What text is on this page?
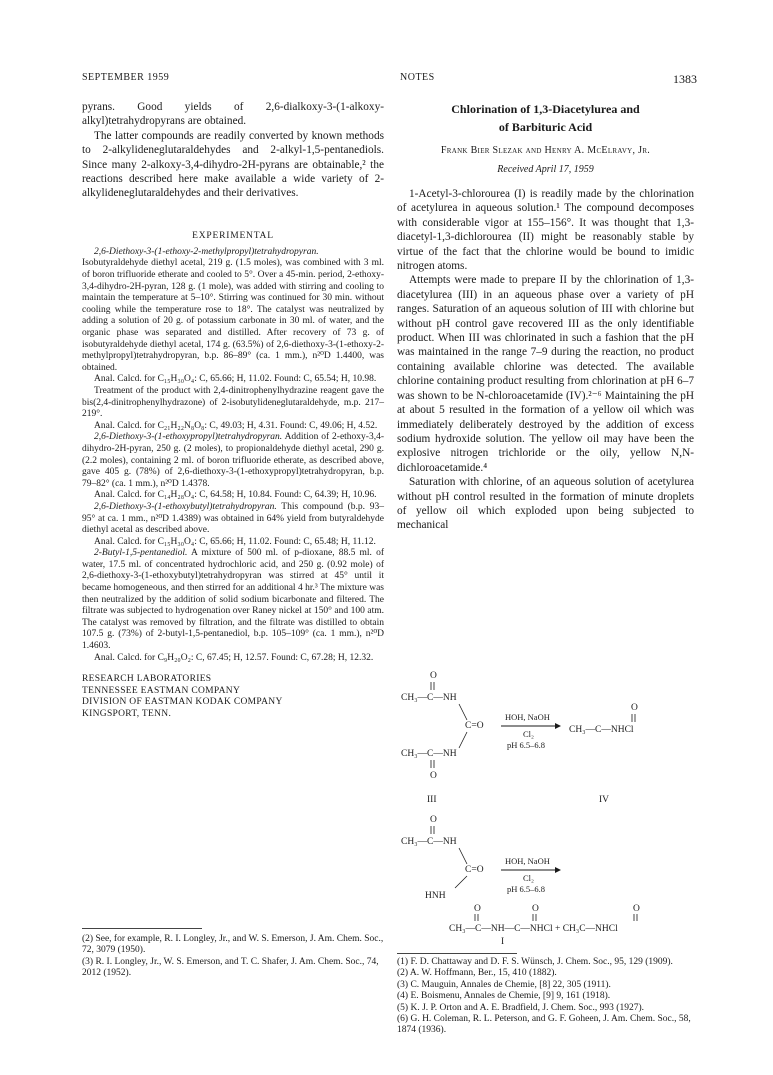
SEPTEMBER 1959	NOTES	1383

pyrans. Good yields of 2,6-dialkoxy-3-(1-alkoxy-alkyl)tetrahydropyrans are obtained.

The latter compounds are readily converted by known methods to 2-alkylideneglutaraldehydes and 2-alkyl-1,5-pentanediols. Since many 2-alkoxy-3,4-dihydro-2H-pyrans are obtainable,² the reactions described here make available a wide variety of 2-alkylideneglutaraldehydes and their derivatives.

EXPERIMENTAL

2,6-Diethoxy-3-(1-ethoxy-2-methylpropyl)tetrahydropyran. Isobutyraldehyde diethyl acetal, 219 g. (1.5 moles), was combined with 3 ml. of boron trifluoride etherate and cooled to 5°. Over a 45-min. period, 2-ethoxy-3,4-dihydro-2H-pyran, 128 g. (1 mole), was added with stirring and cooling to maintain the temperature at 5–10°. Stirring was continued for 30 min. without cooling while the temperature rose to 18°. The catalyst was neutralized by adding a solution of 20 g. of potassium carbonate in 30 ml. of water, and the organic phase was separated and distilled. After recovery of 73 g. of isobutyraldehyde diethyl acetal, 174 g. (63.5%) of 2,6-diethoxy-3-(1-ethoxy-2-methylpropyl)tetrahydropyran, b.p. 86–89° (ca. 1 mm.), n²⁰D 1.4400, was obtained.

Anal. Calcd. for C₁₅H₃₀O₄: C, 65.66; H, 11.02. Found: C, 65.54; H, 10.98.

Treatment of the product with 2,4-dinitrophenylhydrazine reagent gave the bis(2,4-dinitrophenylhydrazone) of 2-isobutylideneglutaraldehyde, m.p. 217–219°.

Anal. Calcd. for C₂₁H₂₂N₈O₈: C, 49.03; H, 4.31. Found: C, 49.06; H, 4.52.

2,6-Diethoxy-3-(1-ethoxypropyl)tetrahydropyran. Addition of 2-ethoxy-3,4-dihydro-2H-pyran, 250 g. (2 moles), to propionaldehyde diethyl acetal, 290 g. (2.2 moles), containing 2 ml. of boron trifluoride etherate, as described above, gave 405 g. (78%) of 2,6-diethoxy-3-(1-ethoxypropyl)tetrahydropyran, b.p. 79–82° (ca. 1 mm.), n²⁰D 1.4378.

Anal. Calcd. for C₁₄H₂₈O₄: C, 64.58; H, 10.84. Found: C, 64.39; H, 10.96.

2,6-Diethoxy-3-(1-ethoxybutyl)tetrahydropyran. This compound (b.p. 93–95° at ca. 1 mm., n²⁰D 1.4389) was obtained in 64% yield from butyraldehyde diethyl acetal as described above.

Anal. Calcd. for C₁₅H₃₀O₄: C, 65.66; H, 11.02. Found: C, 65.48; H, 11.12.

2-Butyl-1,5-pentanediol. A mixture of 500 ml. of p-dioxane, 88.5 ml. of water, 17.5 ml. of concentrated hydrochloric acid, and 250 g. (0.92 mole) of 2,6-diethoxy-3-(1-ethoxybutyl)tetrahydropyran was stirred at 45° until it became homogeneous, and then stirred for an additional 4 hr.³ The mixture was then neutralized by the addition of solid sodium bicarbonate and filtered. The filtrate was subjected to hydrogenation over Raney nickel at 150° and 100 atm. The catalyst was removed by filtration, and the filtrate was distilled to obtain 107.5 g. (73%) of 2-butyl-1,5-pentanediol, b.p. 105–109° (ca. 1 mm.), n²⁰D 1.4603.

Anal. Calcd. for C₉H₂₀O₂: C, 67.45; H, 12.57. Found: C, 67.28; H, 12.32.

RESEARCH LABORATORIES
TENNESSEE EASTMAN COMPANY
DIVISION OF EASTMAN KODAK COMPANY
KINGSPORT, TENN.
(2) See, for example, R. I. Longley, Jr., and W. S. Emerson, J. Am. Chem. Soc., 72, 3079 (1950).
(3) R. I. Longley, Jr., W. S. Emerson, and T. C. Shafer, J. Am. Chem. Soc., 74, 2012 (1952).
Chlorination of 1,3-Diacetylurea and
of Barbituric Acid
Frank Bier Slezak and Henry A. McElravy, Jr.
Received April 17, 1959

1-Acetyl-3-chlorourea (I) is readily made by the chlorination of acetylurea in aqueous solution.¹ The compound decomposes with considerable vigor at 155–156°. It was thought that 1,3-diacetyl-1,3-dichlorourea (II) might be reasonably stable by virtue of the fact that the chlorine would be bound to imidic nitrogen atoms.

Attempts were made to prepare II by the chlorination of 1,3-diacetylurea (III) in an aqueous phase over a variety of pH ranges. Saturation of an aqueous solution of III with chlorine but without pH control gave recovered III as the only identifiable product. When III was chlorinated in such a fashion that the pH was maintained in the range 7–9 during the reaction, no product containing available chlorine was detected. The available chlorine containing product resulting from chlorination at pH 6–7 was shown to be N-chloroacetamide (IV).²⁻⁶ Maintaining the pH at about 5 resulted in the formation of a yellow oil which was immediately deliberately destroyed by the addition of excess sodium hydroxide solution. The yellow oil may have been the explosive nitrogen trichloride or the oily, yellow N,N-dichloroacetamide.⁴

Saturation with chlorine, of an aqueous solution of acetylurea without pH control resulted in the formation of minute droplets of yellow oil which exploded upon being subjected to mechanical

O
CH₃—C—NH
C=O
CH₃—C—NH
O
III
HOH, NaOH
Cl₂
pH 6.5–6.8
O
CH₃—C—NHCl
IV
O
CH₃—C—NH
C=O
HNH
HOH, NaOH
Cl₂
pH 6.5–6.8
O	O	O
CH₃—C—NH—C—NHCl + CH₃C—NHCl
I
(1) F. D. Chattaway and D. F. S. Wünsch, J. Chem. Soc., 95, 129 (1909).
(2) A. W. Hoffmann, Ber., 15, 410 (1882).
(3) C. Mauguin, Annales de Chemie, [8] 22, 305 (1911).
(4) E. Boismenu, Annales de Chemie, [9] 9, 161 (1918).
(5) K. J. P. Orton and A. E. Bradfield, J. Chem. Soc., 993 (1927).
(6) G. H. Coleman, R. L. Peterson, and G. F. Goheen, J. Am. Chem. Soc., 58, 1874 (1936).
